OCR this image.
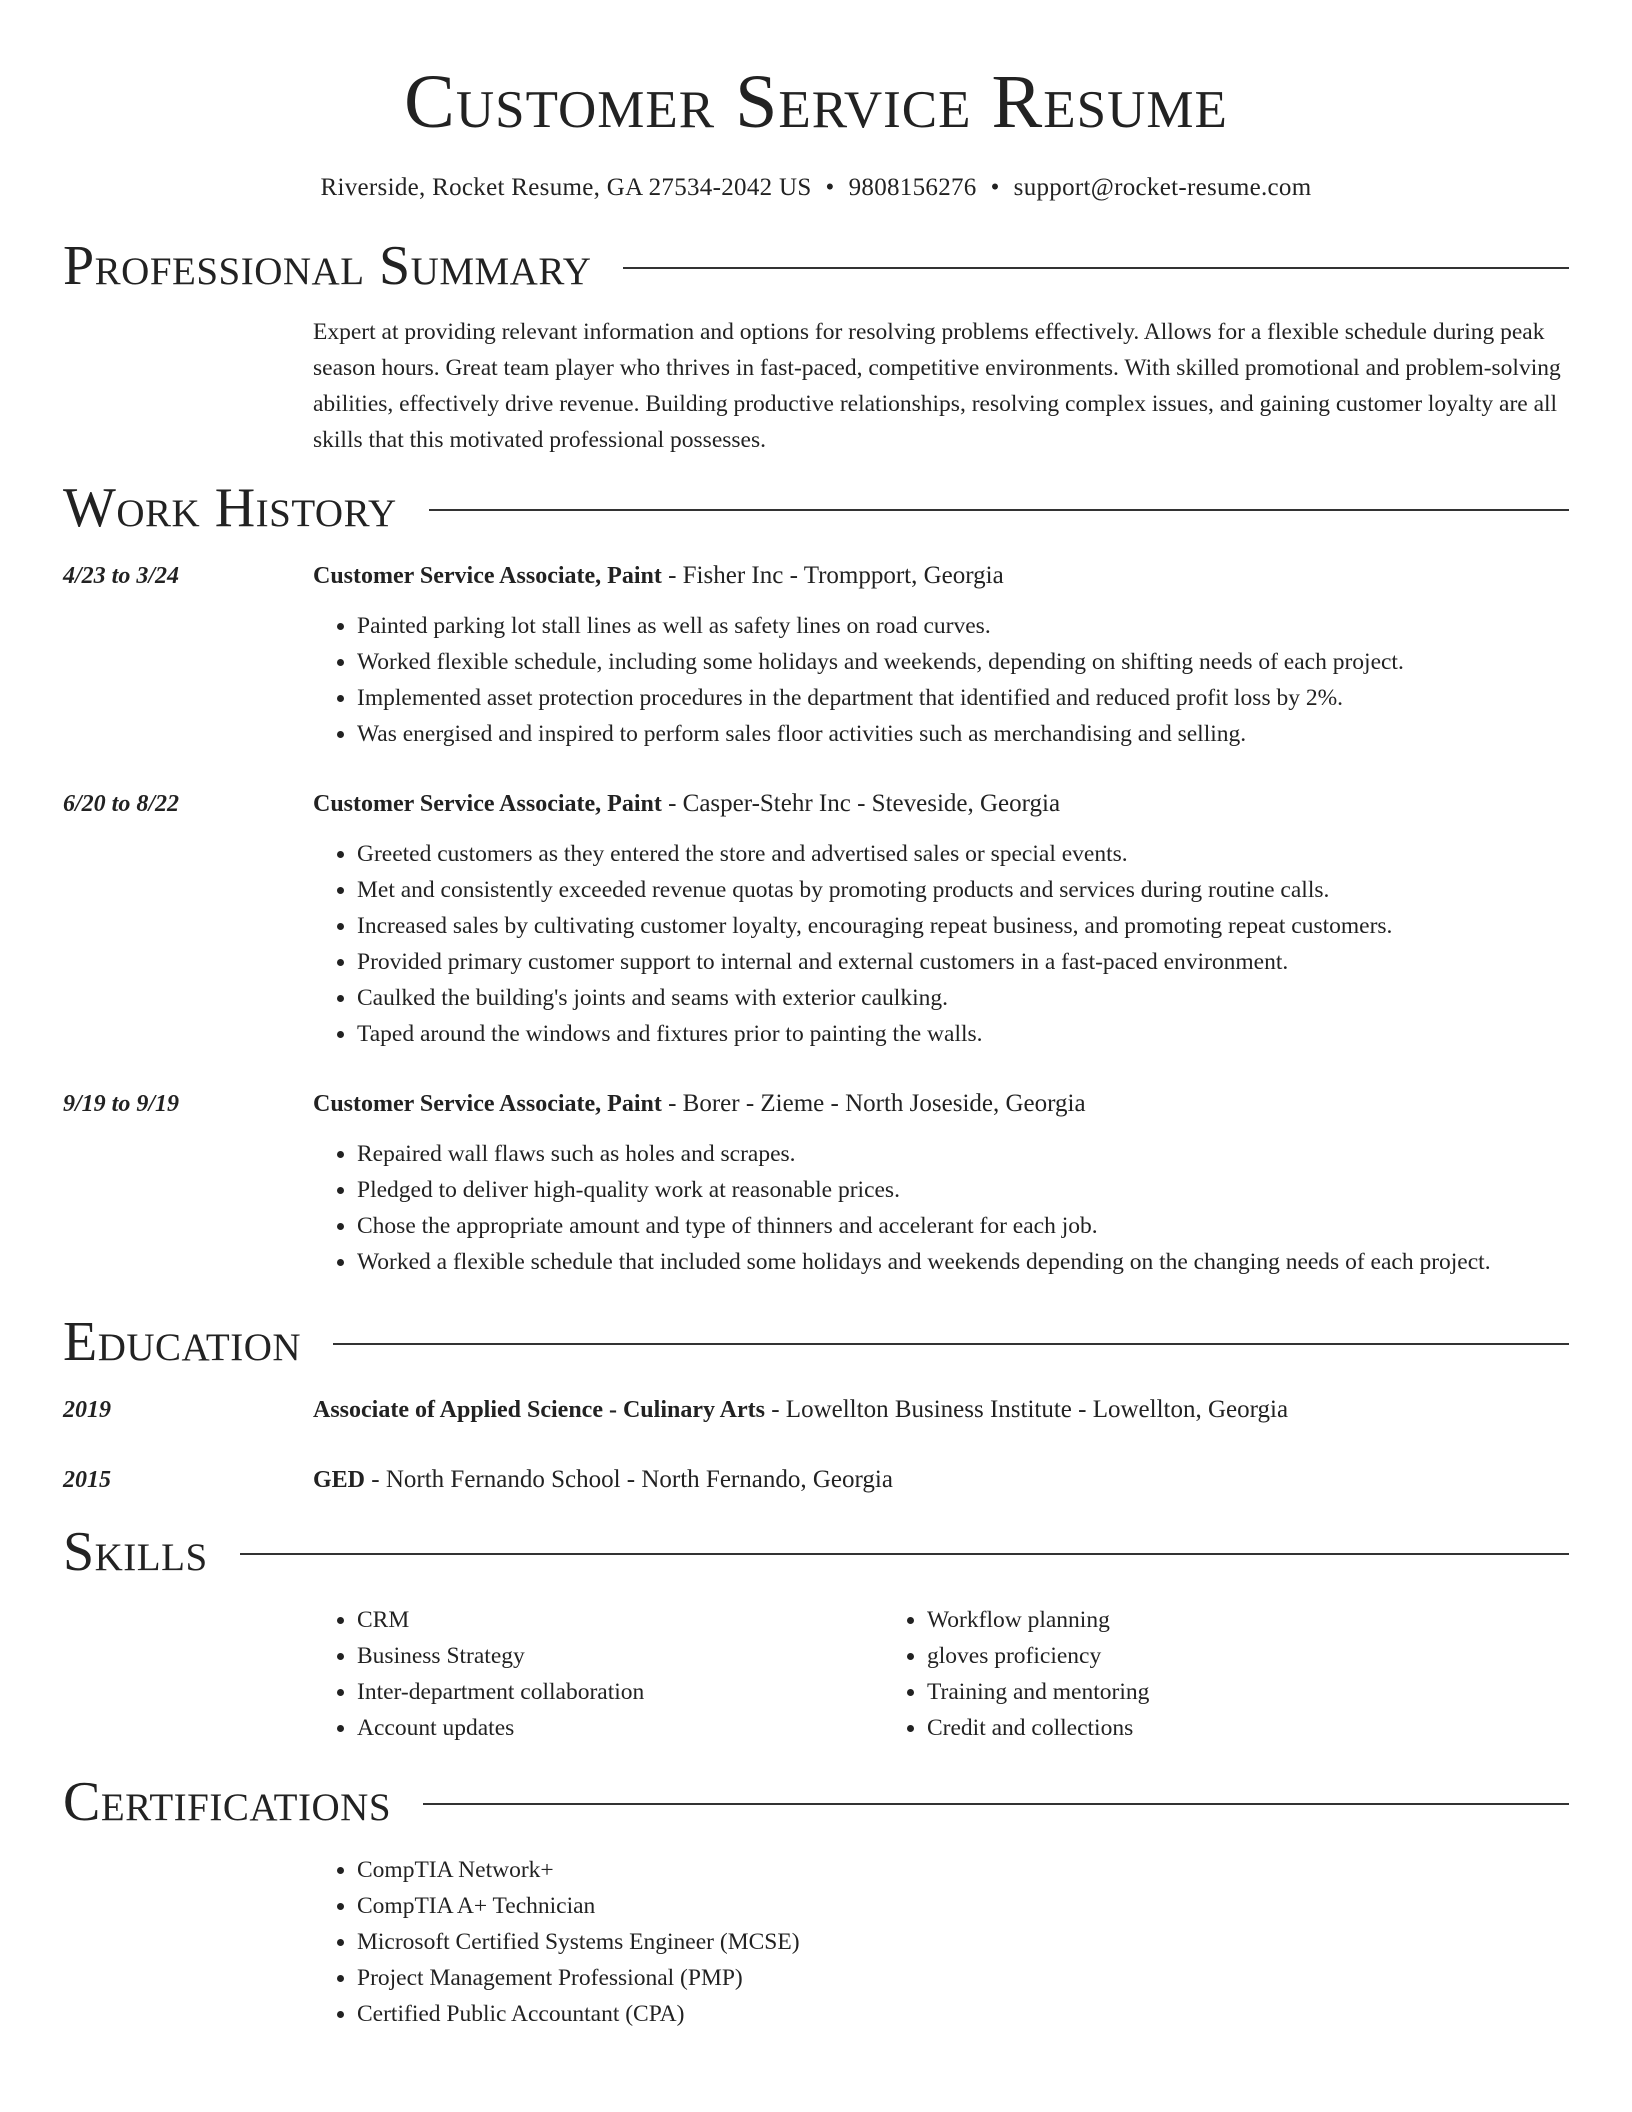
Customer Service Resume
Riverside, Rocket Resume, GA 27534-2042 US • 9808156276 • support@rocket-resume.com
Professional Summary

Expert at providing relevant information and options for resolving problems effectively. Allows for a flexible schedule during peak season hours. Great team player who thrives in fast-paced, competitive environments. With skilled promotional and problem-solving abilities, effectively drive revenue. Building productive relationships, resolving complex issues, and gaining customer loyalty are all skills that this motivated professional possesses.

Work History
4/23 to 3/24	Customer Service Associate, Paint - Fisher Inc - Trompport, Georgia
• Painted parking lot stall lines as well as safety lines on road curves.
• Worked flexible schedule, including some holidays and weekends, depending on shifting needs of each project.
• Implemented asset protection procedures in the department that identified and reduced profit loss by 2%.
• Was energised and inspired to perform sales floor activities such as merchandising and selling.
6/20 to 8/22	Customer Service Associate, Paint - Casper-Stehr Inc - Steveside, Georgia
• Greeted customers as they entered the store and advertised sales or special events.
• Met and consistently exceeded revenue quotas by promoting products and services during routine calls.
• Increased sales by cultivating customer loyalty, encouraging repeat business, and promoting repeat customers.
• Provided primary customer support to internal and external customers in a fast-paced environment.
• Caulked the building's joints and seams with exterior caulking.
• Taped around the windows and fixtures prior to painting the walls.
9/19 to 9/19	Customer Service Associate, Paint - Borer - Zieme - North Joseside, Georgia
• Repaired wall flaws such as holes and scrapes.
• Pledged to deliver high-quality work at reasonable prices.
• Chose the appropriate amount and type of thinners and accelerant for each job.
• Worked a flexible schedule that included some holidays and weekends depending on the changing needs of each project.
Education
2019	Associate of Applied Science - Culinary Arts - Lowellton Business Institute - Lowellton, Georgia
2015	GED - North Fernando School - North Fernando, Georgia
Skills
• CRM
• Business Strategy
• Inter-department collaboration
• Account updates
• Workflow planning
• gloves proficiency
• Training and mentoring
• Credit and collections
Certifications
• CompTIA Network+
• CompTIA A+ Technician
• Microsoft Certified Systems Engineer (MCSE)
• Project Management Professional (PMP)
• Certified Public Accountant (CPA)
